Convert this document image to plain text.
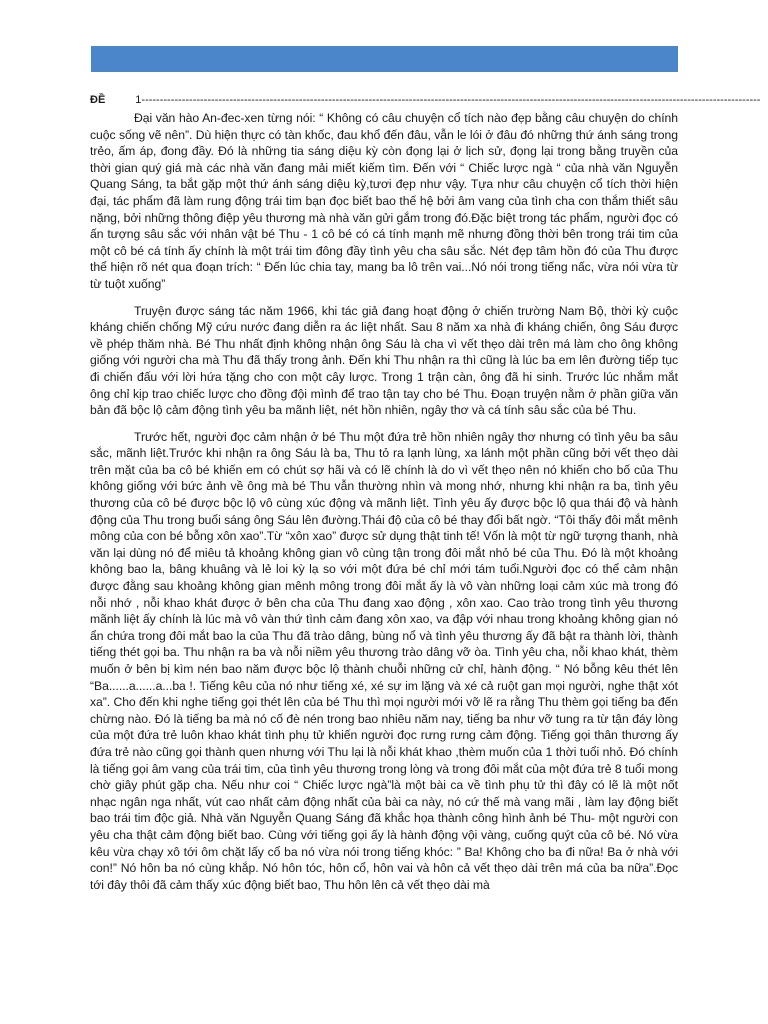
ĐỀ	1 -------------------------------------------------------------------------------------------------------------------------------------------------------------------------

Đại văn hào An-đec-xen từng nói: “ Không có câu chuyện cổ tích nào đẹp bằng câu chuyện do chính cuộc sống vẽ nên”. Dù hiện thực có tàn khốc, đau khổ đến đâu, vẫn le lói ở đâu đó những thứ ánh sáng trong trẻo, ấm áp, đong đầy. Đó là những tia sáng diệu kỳ còn đọng lại ở lịch sử, đọng lại trong bằng truyền của thời gian quý giá mà các nhà văn đang mải miết kiếm tìm. Đến với “ Chiếc lược ngà “ của nhà văn Nguyễn Quang Sáng, ta bắt gặp một thứ ánh sáng diệu kỳ,tươi đẹp như vậy. Tựa như câu chuyện cổ tích thời hiện đại, tác phẩm đã làm rung động trái tim bạn đọc biết bao thế hệ bởi âm vang của tình cha con thắm thiết sâu nặng, bởi những thông điệp yêu thương mà nhà văn gửi gắm trong đó.Đặc biệt trong tác phẩm, người đọc có ấn tượng sâu sắc với nhân vật bé Thu - 1 cô bé có cá tính mạnh mẽ nhưng đồng thời bên trong trái tim của một cô bé cá tính ấy chính là một trái tim đông đầy tình yêu cha sâu sắc. Nét đẹp tâm hồn đó của Thu được thể hiện rõ nét qua đoạn trích: “ Đến lúc chia tay, mang ba lô trên vai...Nó nói trong tiếng nấc, vừa nói vừa từ từ tuột xuống”

Truyện được sáng tác năm 1966, khi tác giả đang hoạt động ở chiến trường Nam Bộ, thời kỳ cuộc kháng chiến chống Mỹ cứu nước đang diễn ra ác liệt nhất. Sau 8 năm xa nhà đi kháng chiến, ông Sáu được về phép thăm nhà. Bé Thu nhất định không nhận ông Sáu là cha vì vết thẹo dài trên má làm cho ông không giống với người cha mà Thu đã thấy trong ảnh. Đến khi Thu nhận ra thì cũng là lúc ba em lên đường tiếp tục đi chiến đấu với lời hứa tặng cho con một cây lược. Trong 1 trận càn, ông đã hi sinh. Trước lúc nhắm mắt ông chỉ kịp trao chiếc lược cho đồng đội mình để trao tận tay cho bé Thu. Đoạn truyện nằm ở phần giữa văn bản đã bộc lộ cảm động tình yêu ba mãnh liệt, nét hồn nhiên, ngây thơ và cá tính sâu sắc của bé Thu.

Trước hết, người đọc cảm nhận ở bé Thu một đứa trẻ hồn nhiên ngây thơ nhưng có tình yêu ba sâu sắc, mãnh liệt.Trước khi nhận ra ông Sáu là ba, Thu tỏ ra lạnh lùng, xa lánh một phần cũng bởi vết thẹo dài trên mặt của ba cô bé khiến em có chút sợ hãi và có lẽ chính là do vì vết thẹo nên nó khiến cho bố của Thu không giống với bức ảnh về ông mà bé Thu vẫn thường nhìn và mong nhớ, nhưng khi nhận ra ba, tình yêu thương của cô bé được bộc lộ vô cùng xúc động và mãnh liệt. Tình yêu ấy được bộc lộ qua thái độ và hành động của Thu trong buổi sáng ông Sáu lên đường.Thái độ của cô bé thay đổi bất ngờ. “Tôi thấy đôi mắt mênh mông của con bé bỗng xôn xao”.Từ “xôn xao” được sử dụng thật tinh tế! Vốn là một từ ngữ tượng thanh, nhà văn lại dùng nó để miêu tả khoảng không gian vô cùng tận trong đôi mắt nhỏ bé của Thu. Đó là một khoảng không bao la, bâng khuâng và lẻ loi kỳ lạ so với một đứa bé chỉ mới tám tuổi.Người đọc có thể cảm nhận được đằng sau khoảng không gian mênh mông trong đôi mắt ấy là vô vàn những loại cảm xúc mà trong đó nỗi nhớ , nỗi khao khát được ở bên cha của Thu đang xao động , xôn xao. Cao trào trong tình yêu thương mãnh liệt ấy chính là lúc mà vô vàn thứ tình cảm đang xôn xao, va đập với nhau trong khoảng không gian nó ẩn chứa trong đôi mắt bao la của Thu đã trào dâng, bùng nổ và tình yêu thương ấy đã bật ra thành lời, thành tiếng thét gọi ba. Thu nhận ra ba và nỗi niềm yêu thương trào dâng vỡ òa. Tình yêu cha, nỗi khao khát, thèm muốn ở bên bị kìm nén bao năm được bộc lộ thành chuỗi những cử chỉ, hành động. “ Nó bỗng kêu thét lên “Ba......a......a...ba !. Tiếng kêu của nó như tiếng xé, xé sự im lặng và xé cả ruột gan mọi người, nghe thật xót xa”. Cho đến khi nghe tiếng gọi thét lên của bé Thu thì mọi người mới vỡ lẽ ra rằng Thu thèm gọi tiếng ba đến chừng nào. Đó là tiếng ba mà nó cố đè nén trong bao nhiêu năm nay, tiếng ba như vỡ tung ra từ tận đáy lòng của một đứa trẻ luôn khao khát tình phụ tử khiến người đọc rưng rưng cảm động. Tiếng gọi thân thương ấy đứa trẻ nào cũng gọi thành quen nhưng với Thu lại là nỗi khát khao ,thèm muốn của 1 thời tuổi nhỏ. Đó chính là tiếng gọi âm vang của trái tim, của tình yêu thương trong lòng và trong đôi mắt của một đứa trẻ 8 tuổi mong chờ giây phút gặp cha. Nếu như coi “ Chiếc lược ngà”là một bài ca về tình phụ tử thì đây có lẽ là một nốt nhạc ngân nga nhất, vút cao nhất cảm động nhất của bài ca này, nó cứ thế mà vang mãi , làm lay động biết bao trái tim độc giả. Nhà văn Nguyễn Quang Sáng đã khắc họa thành công hình ảnh bé Thu- một người con yêu cha thật cảm động biết bao. Cùng với tiếng gọi ấy là hành động vội vàng, cuống quýt của cô bé. Nó vừa kêu vừa chạy xô tới ôm chặt lấy cổ ba nó vừa nói trong tiếng khóc: ” Ba! Không cho ba đi nữa! Ba ở nhà với con!” Nó hôn ba nó cùng khắp. Nó hôn tóc, hôn cổ, hôn vai và hôn cả vết thẹo dài trên má của ba nữa”.Đọc tới đây thôi đã cảm thấy xúc động biết bao, Thu hôn lên cả vết thẹo dài mà
